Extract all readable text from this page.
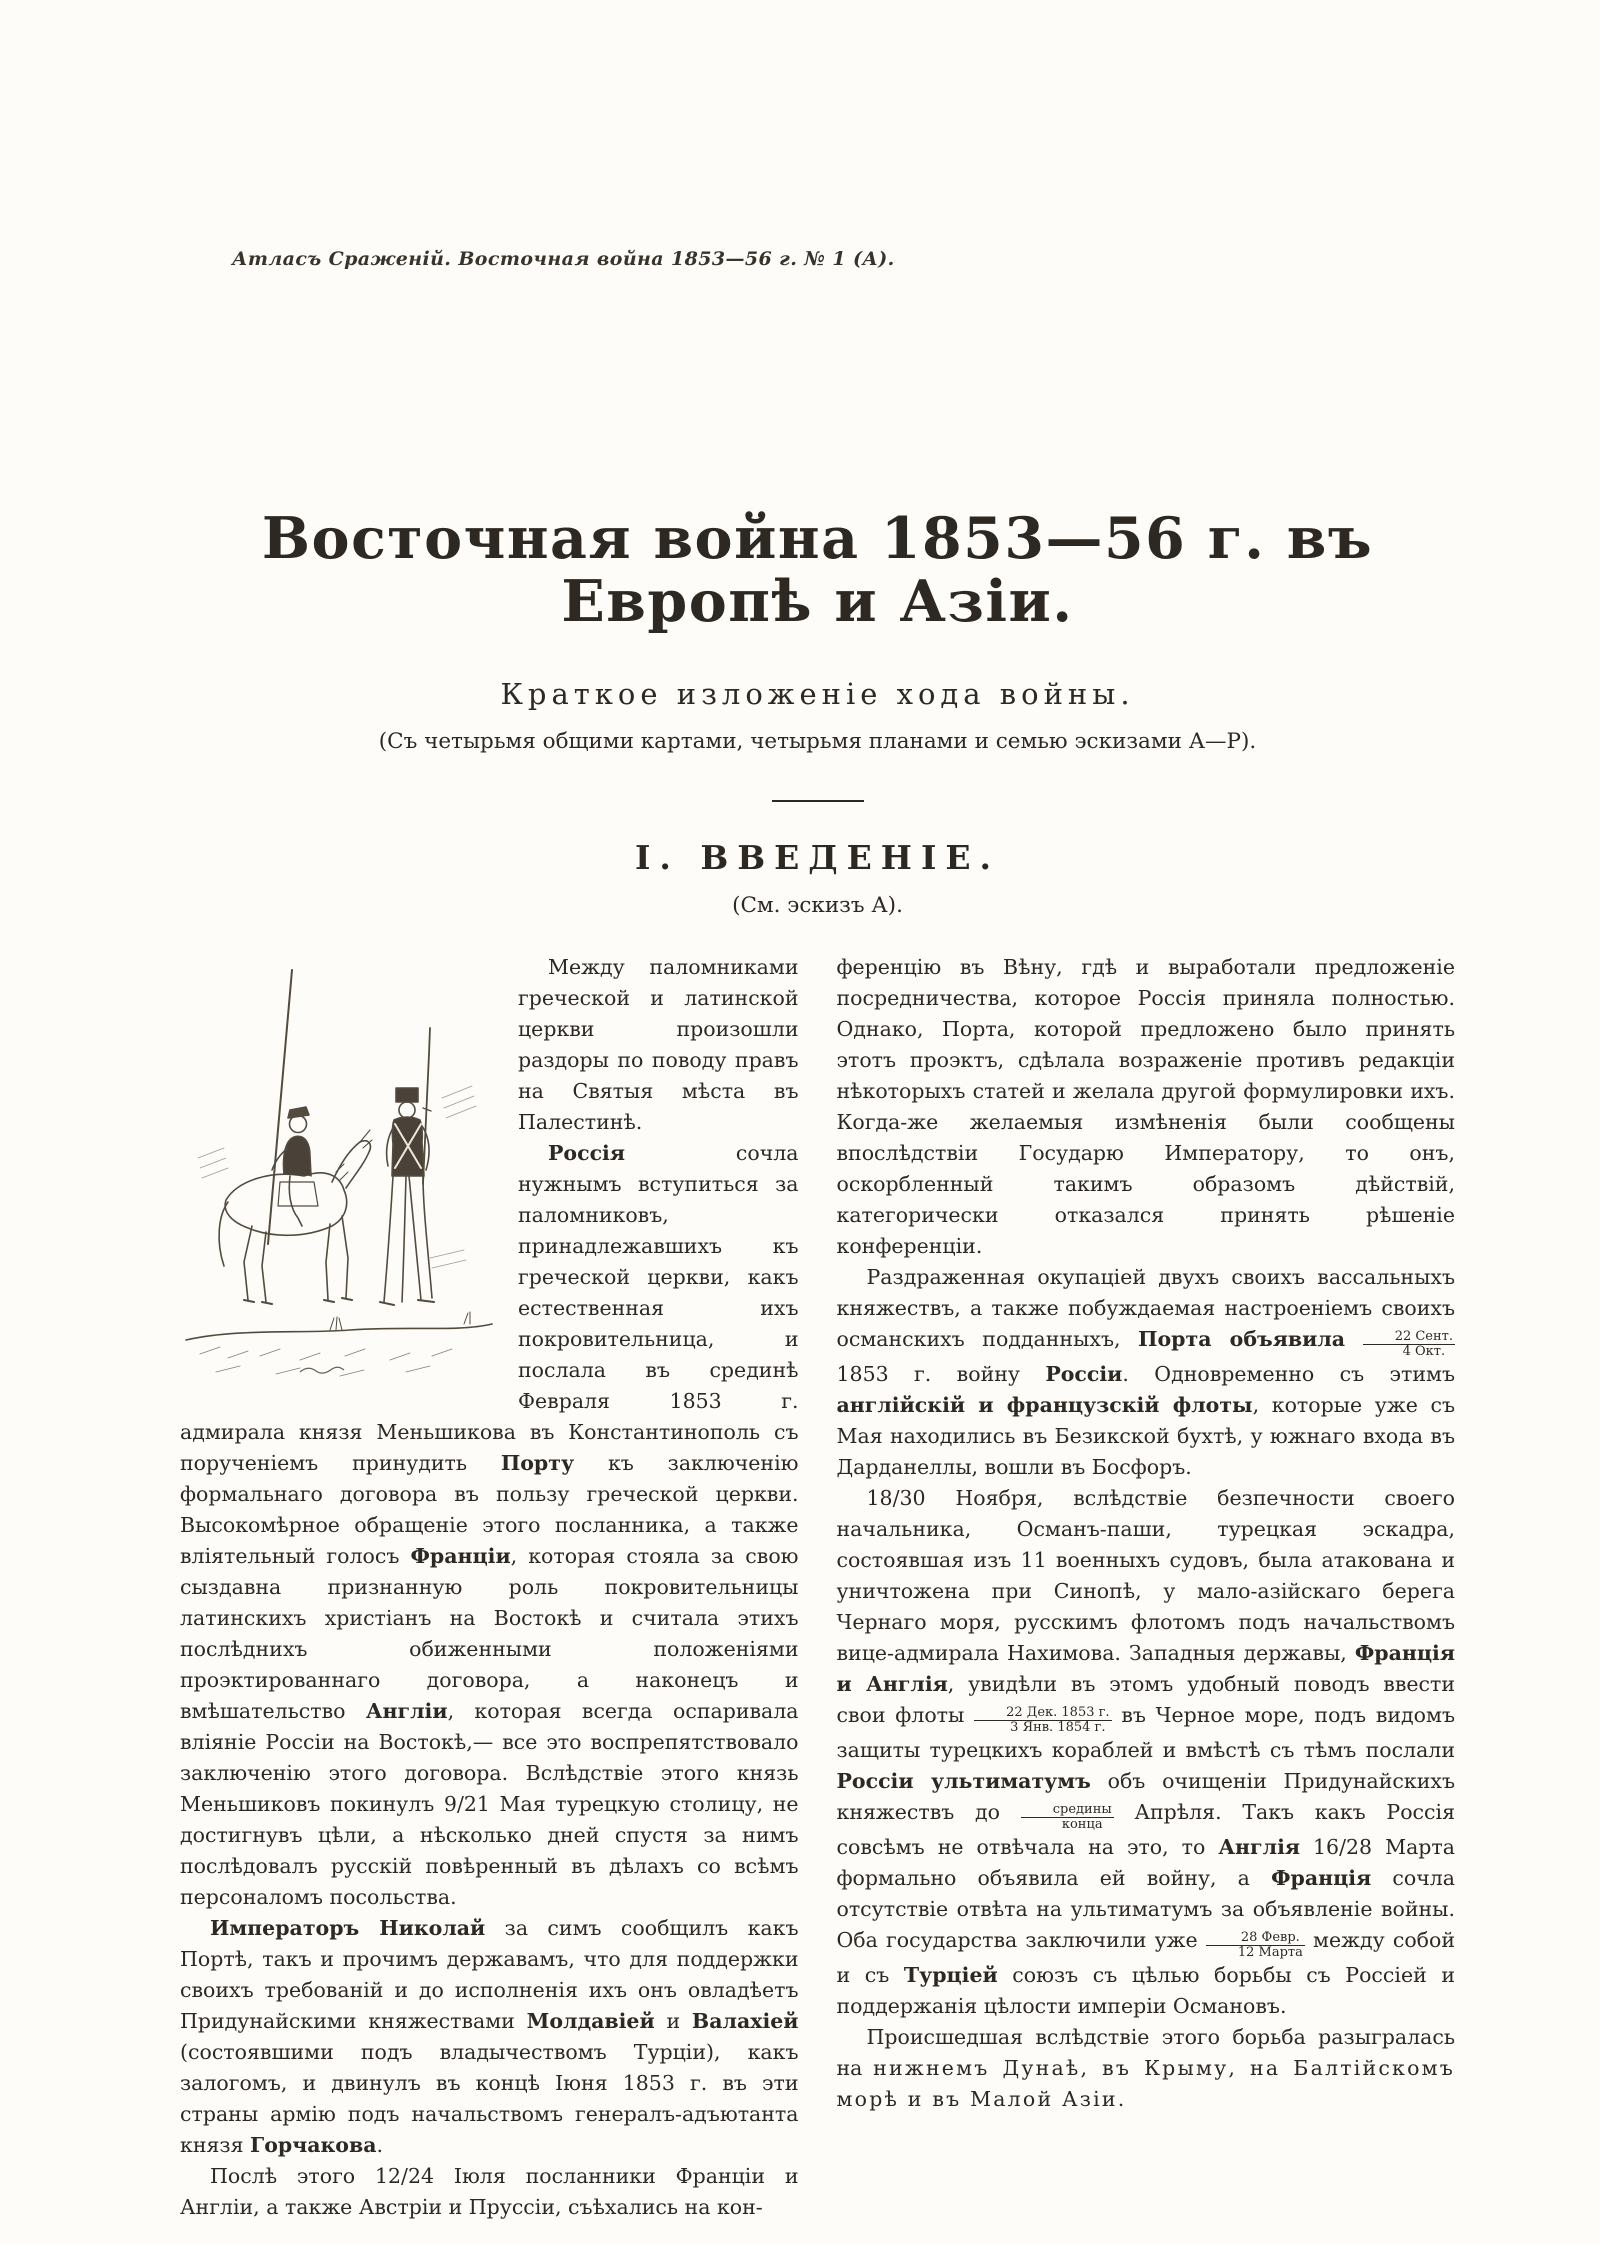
Атласъ Сраженій. Восточная война 1853—56 г. № 1 (А).
Восточная война 1853—56 г. въ Европѣ и Азіи.
Краткое изложеніе хода войны.
(Съ четырьмя общими картами, четырьмя планами и семью эскизами А—Р).
I. ВВЕДЕНІЕ.
(См. эскизъ А).

Между паломниками греческой и латинской церкви произошли раздоры по поводу правъ на Святыя мѣста въ Палестинѣ.

Россія сочла нужнымъ вступиться за паломниковъ, принадлежавшихъ къ греческой церкви, какъ естественная ихъ покровительница, и послала въ срединѣ Февраля 1853 г. адмирала князя Меньшикова въ Константинополь съ порученіемъ принудить Порту къ заключенію формальнаго договора въ пользу греческой церкви. Высокомѣрное обращеніе этого посланника, а также вліятельный голосъ Франціи, которая стояла за свою сыздавна признанную роль покровительницы латинскихъ христіанъ на Востокѣ и считала этихъ послѣднихъ обиженными положеніями проэктированнаго договора, а наконецъ и вмѣшательство Англіи, которая всегда оспаривала вліяніе Россіи на Востокѣ,— все это воспрепятствовало заключенію этого договора. Вслѣдствіе этого князь Меньшиковъ покинулъ 9/21 Мая турецкую столицу, не достигнувъ цѣли, а нѣсколько дней спустя за нимъ послѣдовалъ русскій повѣренный въ дѣлахъ со всѣмъ персоналомъ посольства.

Императоръ Николай за симъ сообщилъ какъ Портѣ, такъ и прочимъ державамъ, что для поддержки своихъ требованій и до исполненія ихъ онъ овладѣетъ Придунайскими княжествами Молдавіей и Валахіей (состоявшими подъ владычествомъ Турціи), какъ залогомъ, и двинулъ въ концѣ Іюня 1853 г. въ эти страны армію подъ начальствомъ генералъ-адъютанта князя Горчакова.

Послѣ этого 12/24 Іюля посланники Франціи и Англіи, а также Австріи и Пруссіи, съѣхались на кон-

ференцію въ Вѣну, гдѣ и выработали предложеніе посредничества, которое Россія приняла полностью. Однако, Порта, которой предложено было принять этотъ проэктъ, сдѣлала возраженіе противъ редакціи нѣкоторыхъ статей и желала другой формулировки ихъ. Когда-же желаемыя измѣненія были сообщены впослѣдствіи Государю Императору, то онъ, оскорбленный такимъ образомъ дѣйствій, категорически отказался принять рѣшеніе конференціи.

Раздраженная окупаціей двухъ своихъ вассальныхъ княжествъ, а также побуждаемая настроеніемъ своихъ османскихъ подданныхъ, Порта объявила $\frac{\text{22 Сент.}}{\text{4 Окт.}}$
1853 г. войну Россіи. Одновременно съ этимъ англійскій и французскій флоты, которые уже съ Мая находились въ Безикской бухтѣ, у южнаго входа въ Дарданеллы, вошли въ Босфоръ.

18/30 Ноября, вслѣдствіе безпечности своего начальника, Османъ-паши, турецкая эскадра, состоявшая изъ 11 военныхъ судовъ, была атакована и уничтожена при Синопѣ, у мало-азійскаго берега Чернаго моря, русскимъ флотомъ подъ начальствомъ вице-адмирала Нахимова. Западныя державы, Франція и Англія, увидѣли въ этомъ удобный поводъ ввести свои флоты $\frac{\text{22 Дек. 1853 г.}}{\text{3 Янв. 1854 г.}}$ въ Черное море, подъ видомъ защиты турецкихъ кораблей и вмѣстѣ съ тѣмъ послали Россіи ультиматумъ объ очищеніи Придунайскихъ княжествъ до $\frac{\text{средины}}{\text{конца}}$ Апрѣля. Такъ какъ Россія совсѣмъ не отвѣчала на это, то Англія 16/28 Марта формально объявила ей войну, а Франція сочла отсутствіе отвѣта на ультиматумъ за объявленіе войны. Оба государства заключили уже $\frac{\text{28 Февр.}}{\text{12 Марта}}$ между собой и съ Турціей союзъ съ цѣлью борьбы съ Россіей и поддержанія цѣлости имперіи Османовъ.

Происшедшая вслѣдствіе этого борьба разыгралась на нижнемъ Дунаѣ, въ Крыму, на Балтійскомъ морѣ и въ Малой Азіи.
